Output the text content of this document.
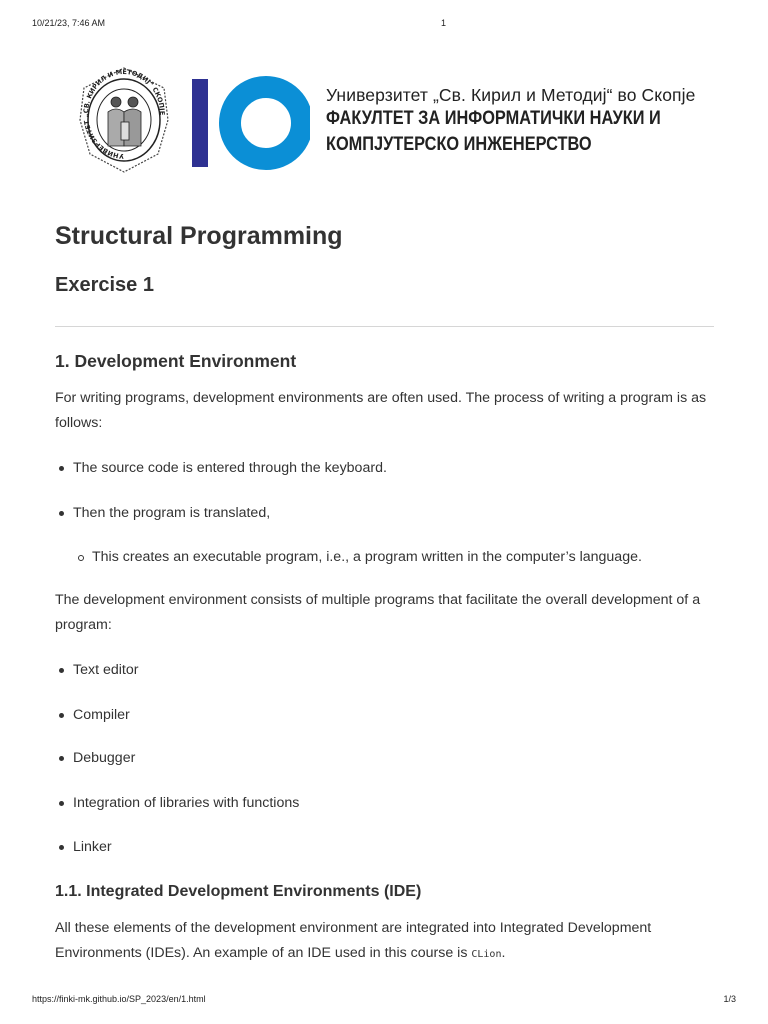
10/21/23, 7:46 AM	1
УНИВЕРЗИТЕТ „СВ. КИРИЛ И МЕТОДИЈ“ СКОПЈЕ
Универзитет „Св. Кирил и Методиј“ во Скопје
ФАКУЛТЕТ ЗА ИНФОРМАТИЧКИ НАУКИ И
КОМПЈУТЕРСКО ИНЖЕНЕРСТВО
Structural Programming
Exercise 1
1. Development Environment

For writing programs, development environments are often used. The process of writing a program is as follows:

The source code is entered through the keyboard.

Then the program is translated,

This creates an executable program, i.e., a program written in the computer’s language.

The development environment consists of multiple programs that facilitate the overall development of a program:

Text editor

Compiler

Debugger

Integration of libraries with functions

Linker

1.1. Integrated Development Environments (IDE)

All these elements of the development environment are integrated into Integrated Development Environments (IDEs). An example of an IDE used in this course is CLion.

https://finki-mk.github.io/SP_2023/en/1.html	1/3
